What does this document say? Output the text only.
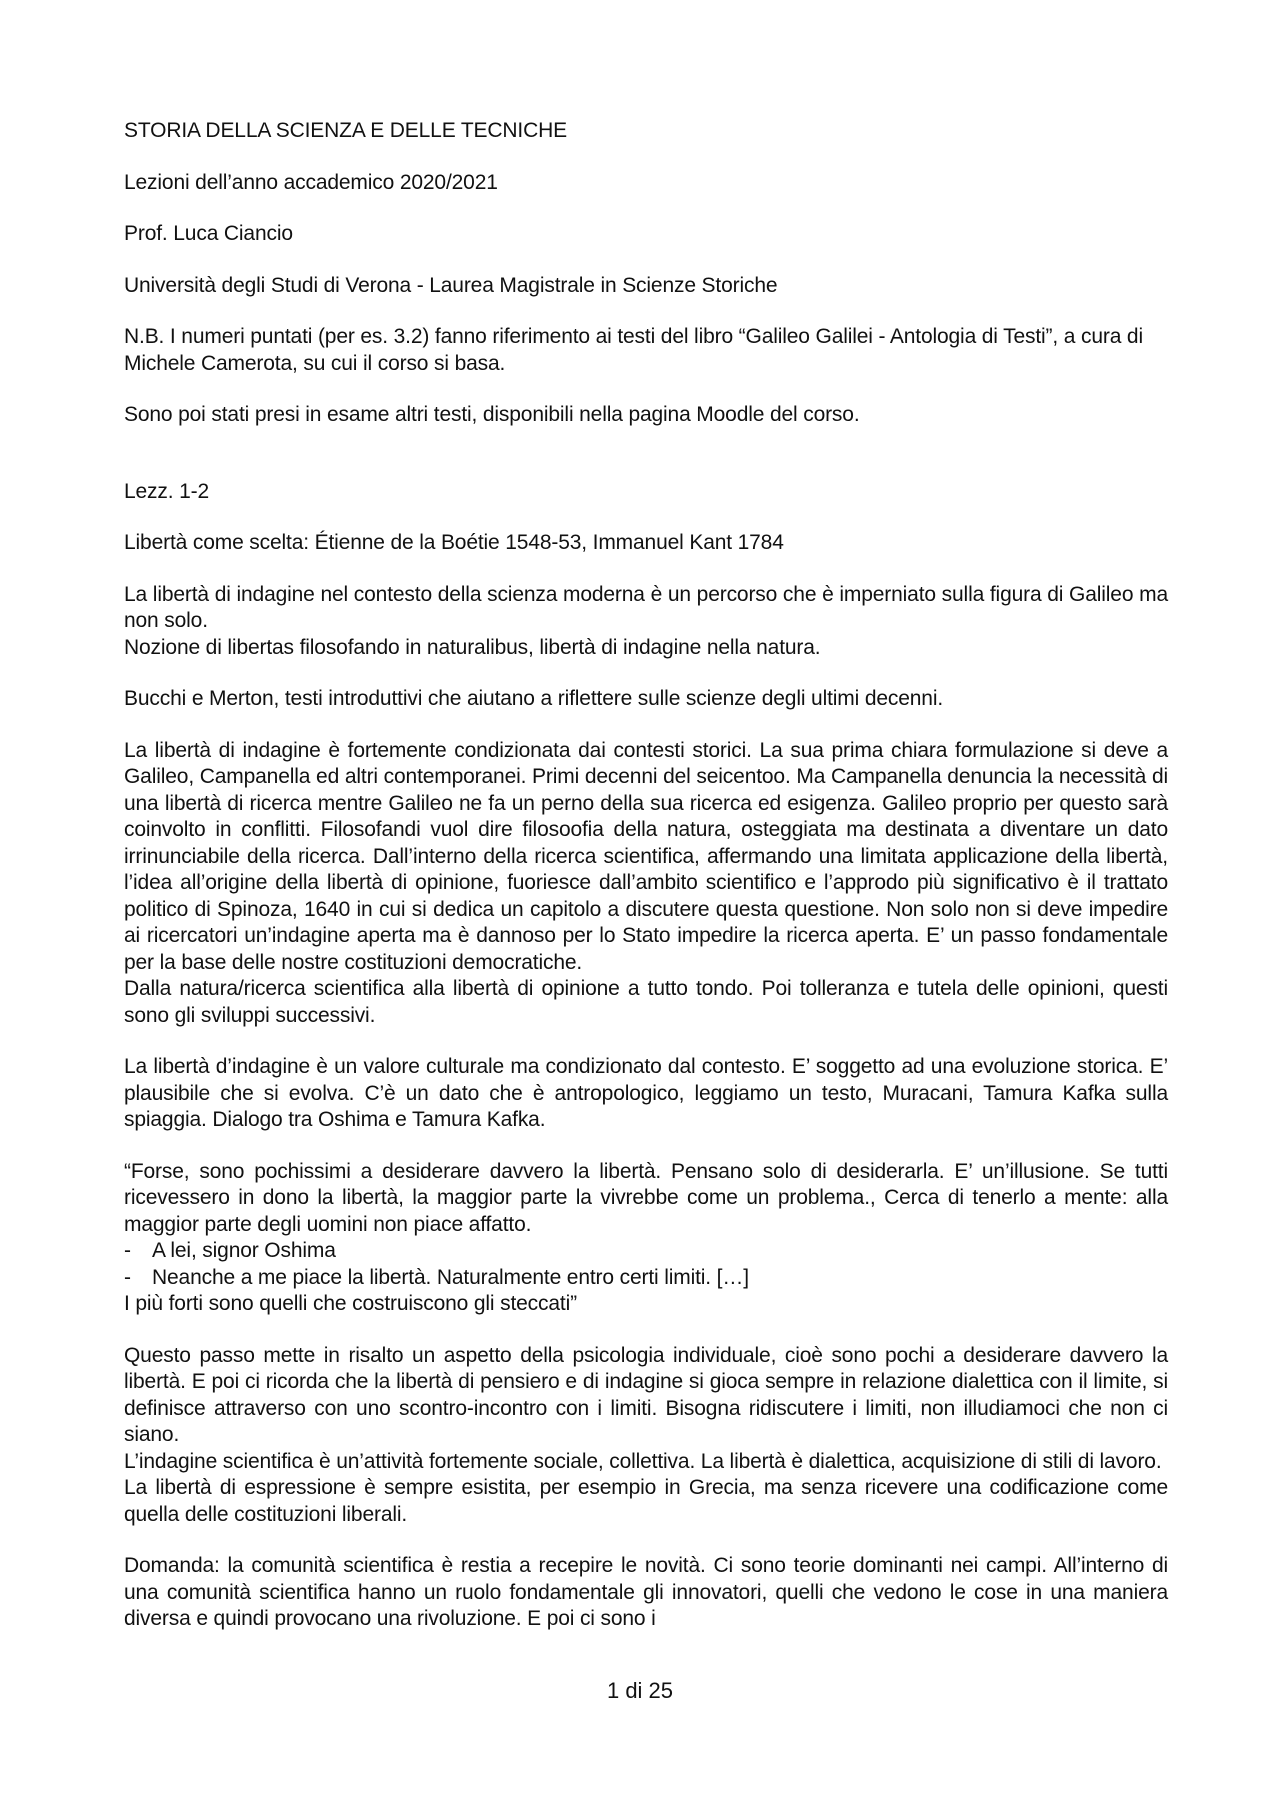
STORIA DELLA SCIENZA E DELLE TECNICHE

Lezioni dell’anno accademico 2020/2021

Prof. Luca Ciancio

Università degli Studi di Verona - Laurea Magistrale in Scienze Storiche

N.B. I numeri puntati (per es. 3.2) fanno riferimento ai testi del libro “Galileo Galilei - Antologia di Testi”, a cura di Michele Camerota, su cui il corso si basa.

Sono poi stati presi in esame altri testi, disponibili nella pagina Moodle del corso.

Lezz. 1-2

Libertà come scelta: Étienne de la Boétie 1548-53, Immanuel Kant 1784

La libertà di indagine nel contesto della scienza moderna è un percorso che è imperniato sulla figura di Galileo ma non solo.

Nozione di libertas filosofando in naturalibus, libertà di indagine nella natura.

Bucchi e Merton, testi introduttivi che aiutano a riflettere sulle scienze degli ultimi decenni.

La libertà di indagine è fortemente condizionata dai contesti storici. La sua prima chiara formulazione si deve a Galileo, Campanella ed altri contemporanei. Primi decenni del seicentoo. Ma Campanella denuncia la necessità di una libertà di ricerca mentre Galileo ne fa un perno della sua ricerca ed esigenza. Galileo proprio per questo sarà coinvolto in conflitti. Filosofandi vuol dire filosoofia della natura, osteggiata ma destinata a diventare un dato irrinunciabile della ricerca. Dall’interno della ricerca scientifica, affermando una limitata applicazione della libertà, l’idea all’origine della libertà di opinione, fuoriesce dall’ambito scientifico e l’approdo più significativo è il trattato politico di Spinoza, 1640 in cui si dedica un capitolo a discutere questa questione. Non solo non si deve impedire ai ricercatori un’indagine aperta ma è dannoso per lo Stato impedire la ricerca aperta. E’ un passo fondamentale per la base delle nostre costituzioni democratiche.

Dalla natura/ricerca scientifica alla libertà di opinione a tutto tondo. Poi tolleranza e tutela delle opinioni, questi sono gli sviluppi successivi.

La libertà d’indagine è un valore culturale ma condizionato dal contesto. E’ soggetto ad una evoluzione storica. E’ plausibile che si evolva. C’è un dato che è antropologico, leggiamo un testo, Muracani, Tamura Kafka sulla spiaggia. Dialogo tra Oshima e Tamura Kafka.

“Forse, sono pochissimi a desiderare davvero la libertà. Pensano solo di desiderarla. E’ un’illusione. Se tutti ricevessero in dono la libertà, la maggior parte la vivrebbe come un problema., Cerca di tenerlo a mente: alla maggior parte degli uomini non piace affatto.

- A lei, signor Oshima

- Neanche a me piace la libertà. Naturalmente entro certi limiti. […]

I più forti sono quelli che costruiscono gli steccati”

Questo passo mette in risalto un aspetto della psicologia individuale, cioè sono pochi a desiderare davvero la libertà. E poi ci ricorda che la libertà di pensiero e di indagine si gioca sempre in relazione dialettica con il limite, si definisce attraverso con uno scontro-incontro con i limiti. Bisogna ridiscutere i limiti, non illudiamoci che non ci siano.

L’indagine scientifica è un’attività fortemente sociale, collettiva. La libertà è dialettica, acquisizione di stili di lavoro.

La libertà di espressione è sempre esistita, per esempio in Grecia, ma senza ricevere una codificazione come quella delle costituzioni liberali.

Domanda: la comunità scientifica è restia a recepire le novità. Ci sono teorie dominanti nei campi. All’interno di una comunità scientifica hanno un ruolo fondamentale gli innovatori, quelli che vedono le cose in una maniera diversa e quindi provocano una rivoluzione. E poi ci sono i

1 di 25
